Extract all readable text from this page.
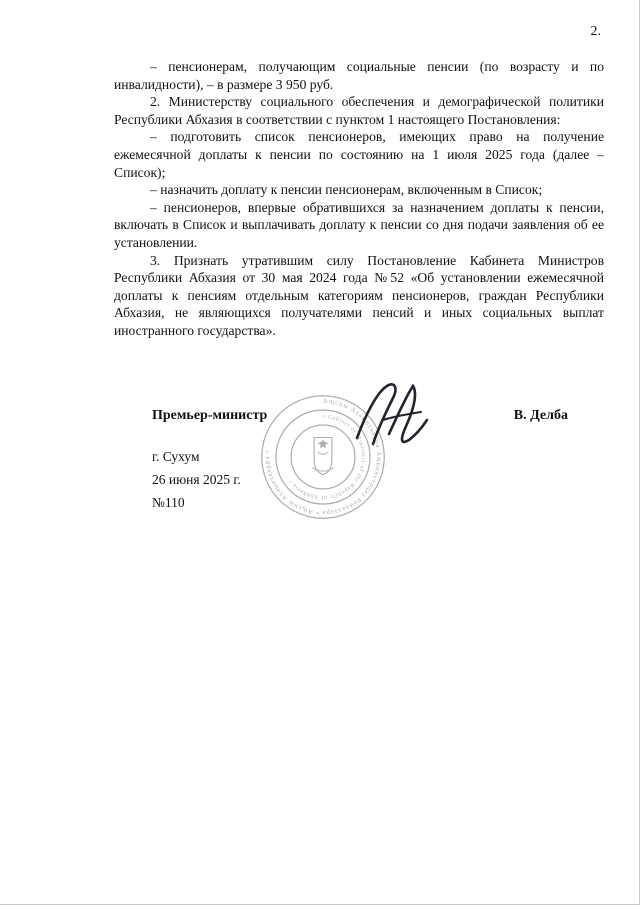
2.

– пенсионерам, получающим социальные пенсии (по возрасту и по инвалидности), – в размере 3 950 руб.

2. Министерству социального обеспечения и демографической политики Республики Абхазия в соответствии с пунктом 1 настоящего Постановления:

– подготовить список пенсионеров, имеющих право на получение ежемесячной доплаты к пенсии по состоянию на 1 июля 2025 года (далее – Список);

– назначить доплату к пенсии пенсионерам, включенным в Список;

– пенсионеров, впервые обратившихся за назначением доплаты к пенсии, включать в Список и выплачивать доплату к пенсии со дня подачи заявления об ее установлении.

3. Признать утратившим силу Постановление Кабинета Министров Республики Абхазия от 30 мая 2024 года №52 «Об установлении ежемесячной доплаты к пенсиям отдельным категориям пенсионеров, граждан Республики Абхазия, не являющихся получателями пенсий и иных социальных выплат иностранного государства».

Премьер-министр	В. Делба
г. Сухум
26 июня 2025 г.
№110
Аҧсны Аҳәынҭқарра Аминистрцәа Реилазаара • Аҧсны Аҳәынҭқарра •
• Cabinet of Ministers of the Republic of Abkhazia •
